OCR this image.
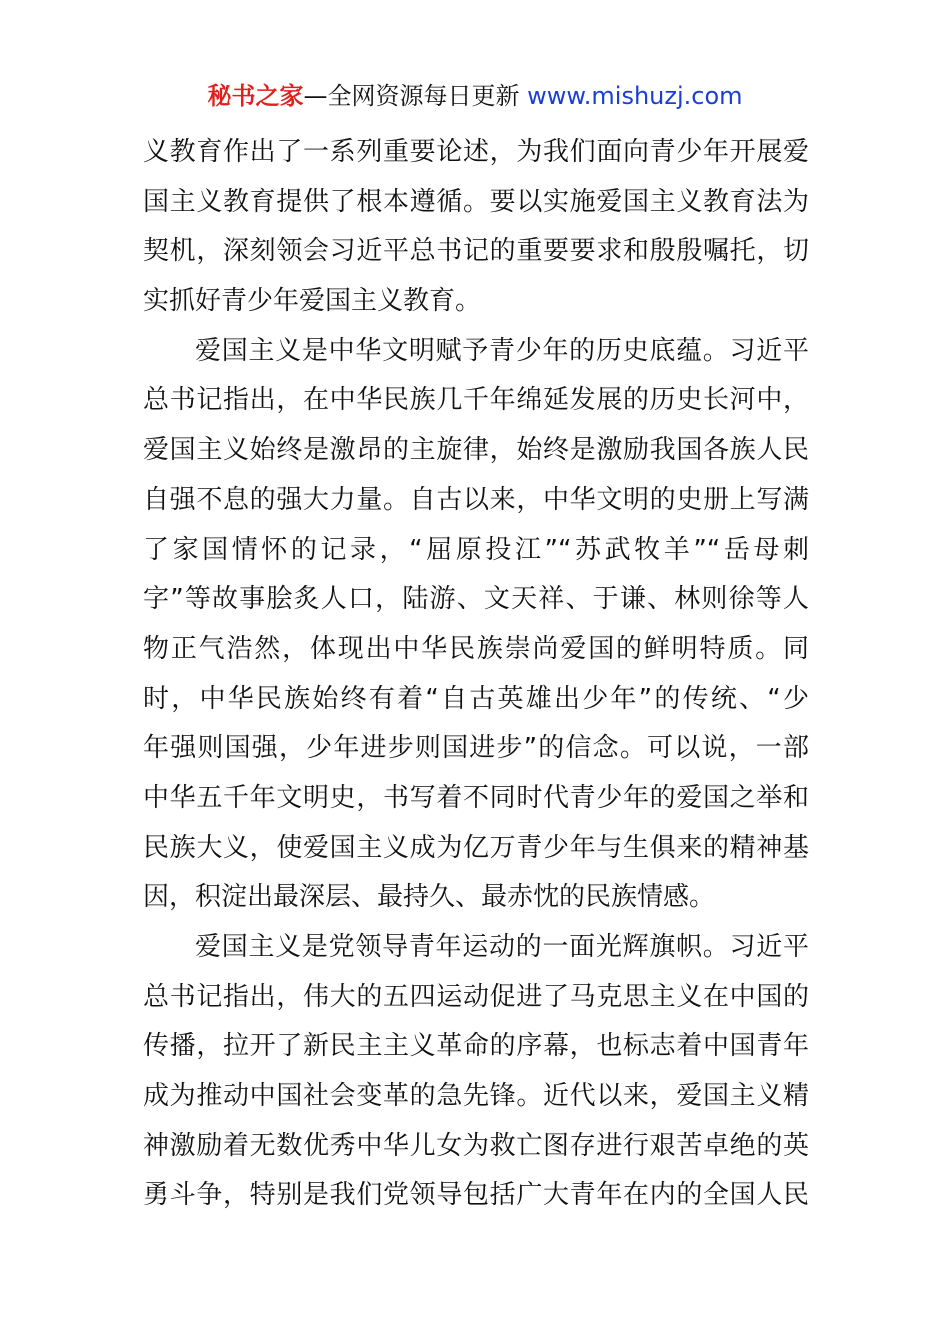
秘书之家—全网资源每日更新 www.mishuzj.com
义教育作出了一系列重要论述，为我们面向青少年开展爱
国主义教育提供了根本遵循。要以实施爱国主义教育法为
契机，深刻领会习近平总书记的重要要求和殷殷嘱托，切
实抓好青少年爱国主义教育。
爱国主义是中华文明赋予青少年的历史底蕴。习近平
总书记指出，在中华民族几千年绵延发展的历史长河中，
爱国主义始终是激昂的主旋律，始终是激励我国各族人民
自强不息的强大力量。自古以来，中华文明的史册上写满
了家国情怀的记录，“屈原投江”“苏武牧羊”“岳母刺
字”等故事脍炙人口，陆游、文天祥、于谦、林则徐等人
物正气浩然，体现出中华民族崇尚爱国的鲜明特质。同
时，中华民族始终有着“自古英雄出少年”的传统、“少
年强则国强，少年进步则国进步”的信念。可以说，一部
中华五千年文明史，书写着不同时代青少年的爱国之举和
民族大义，使爱国主义成为亿万青少年与生俱来的精神基
因，积淀出最深层、最持久、最赤忱的民族情感。
爱国主义是党领导青年运动的一面光辉旗帜。习近平
总书记指出，伟大的五四运动促进了马克思主义在中国的
传播，拉开了新民主主义革命的序幕，也标志着中国青年
成为推动中国社会变革的急先锋。近代以来，爱国主义精
神激励着无数优秀中华儿女为救亡图存进行艰苦卓绝的英
勇斗争，特别是我们党领导包括广大青年在内的全国人民
